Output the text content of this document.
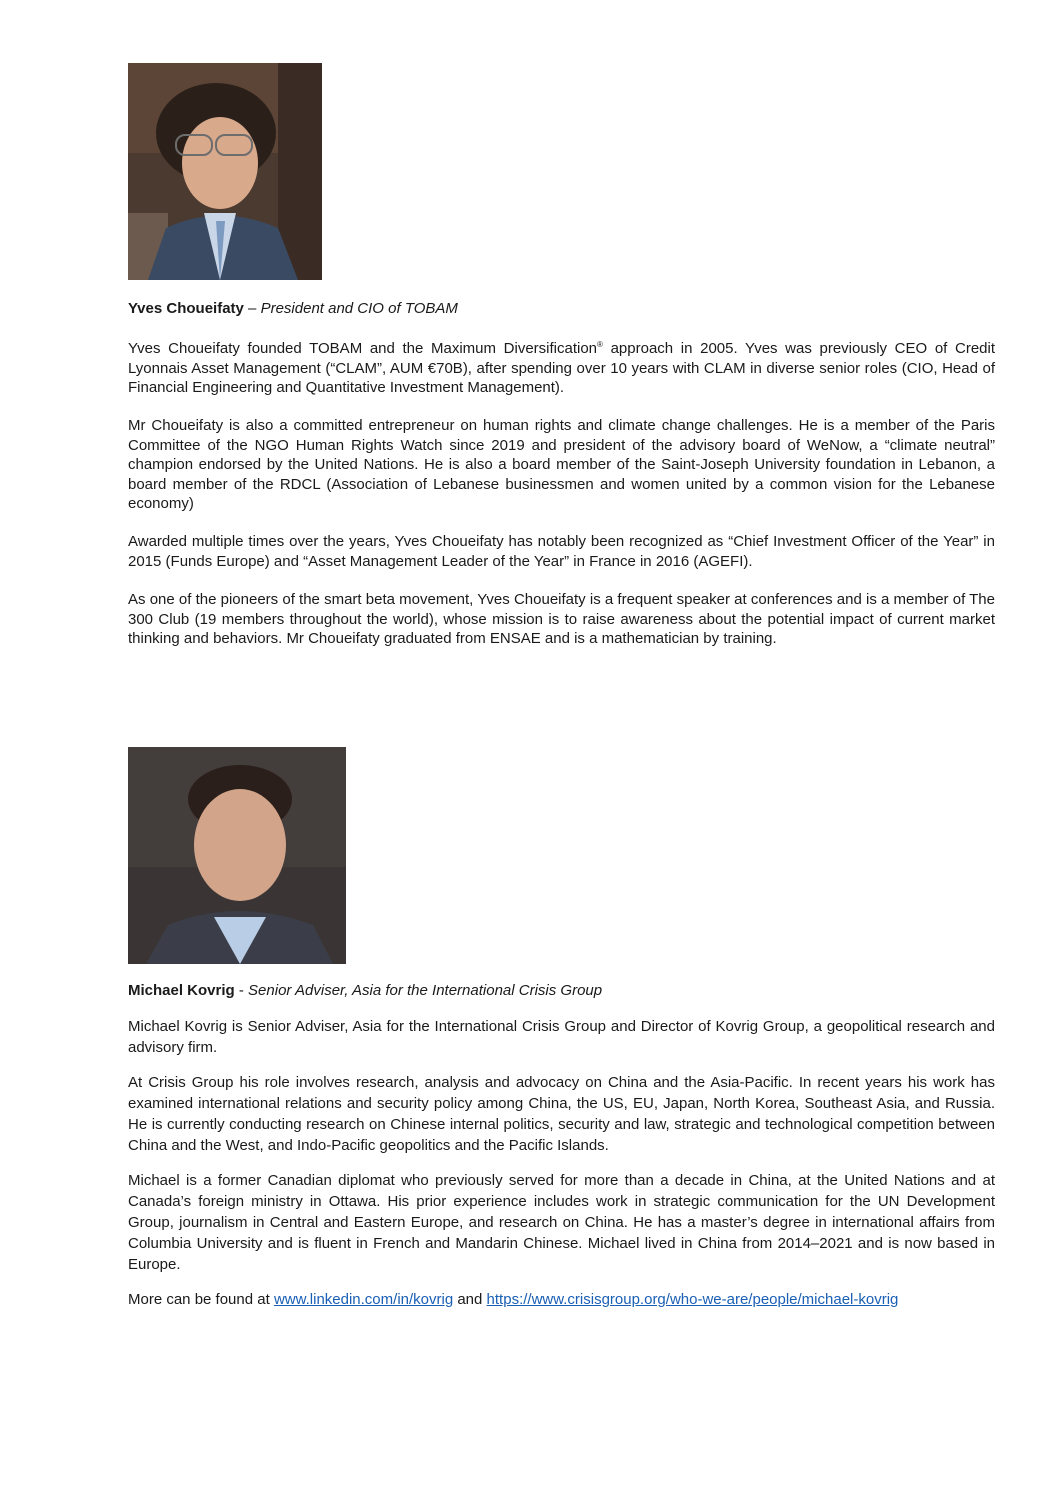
Yves Choueifaty – President and CIO of TOBAM

Yves Choueifaty founded TOBAM and the Maximum Diversification® approach in 2005. Yves was previously CEO of Credit Lyonnais Asset Management (“CLAM”, AUM €70B), after spending over 10 years with CLAM in diverse senior roles (CIO, Head of Financial Engineering and Quantitative Investment Management).

Mr Choueifaty is also a committed entrepreneur on human rights and climate change challenges. He is a member of the Paris Committee of the NGO Human Rights Watch since 2019 and president of the advisory board of WeNow, a “climate neutral” champion endorsed by the United Nations. He is also a board member of the Saint-Joseph University foundation in Lebanon, a board member of the RDCL (Association of Lebanese businessmen and women united by a common vision for the Lebanese economy)

Awarded multiple times over the years, Yves Choueifaty has notably been recognized as “Chief Investment Officer of the Year” in 2015 (Funds Europe) and “Asset Management Leader of the Year” in France in 2016 (AGEFI).

As one of the pioneers of the smart beta movement, Yves Choueifaty is a frequent speaker at conferences and is a member of The 300 Club (19 members throughout the world), whose mission is to raise awareness about the potential impact of current market thinking and behaviors. Mr Choueifaty graduated from ENSAE and is a mathematician by training.

Michael Kovrig - Senior Adviser, Asia for the International Crisis Group

Michael Kovrig is Senior Adviser, Asia for the International Crisis Group and Director of Kovrig Group, a geopolitical research and advisory firm.

At Crisis Group his role involves research, analysis and advocacy on China and the Asia-Pacific. In recent years his work has examined international relations and security policy among China, the US, EU, Japan, North Korea, Southeast Asia, and Russia. He is currently conducting research on Chinese internal politics, security and law, strategic and technological competition between China and the West, and Indo-Pacific geopolitics and the Pacific Islands.

Michael is a former Canadian diplomat who previously served for more than a decade in China, at the United Nations and at Canada’s foreign ministry in Ottawa. His prior experience includes work in strategic communication for the UN Development Group, journalism in Central and Eastern Europe, and research on China. He has a master’s degree in international affairs from Columbia University and is fluent in French and Mandarin Chinese. Michael lived in China from 2014–2021 and is now based in Europe.

More can be found at www.linkedin.com/in/kovrig and https://www.crisisgroup.org/who-we-are/people/michael-kovrig
